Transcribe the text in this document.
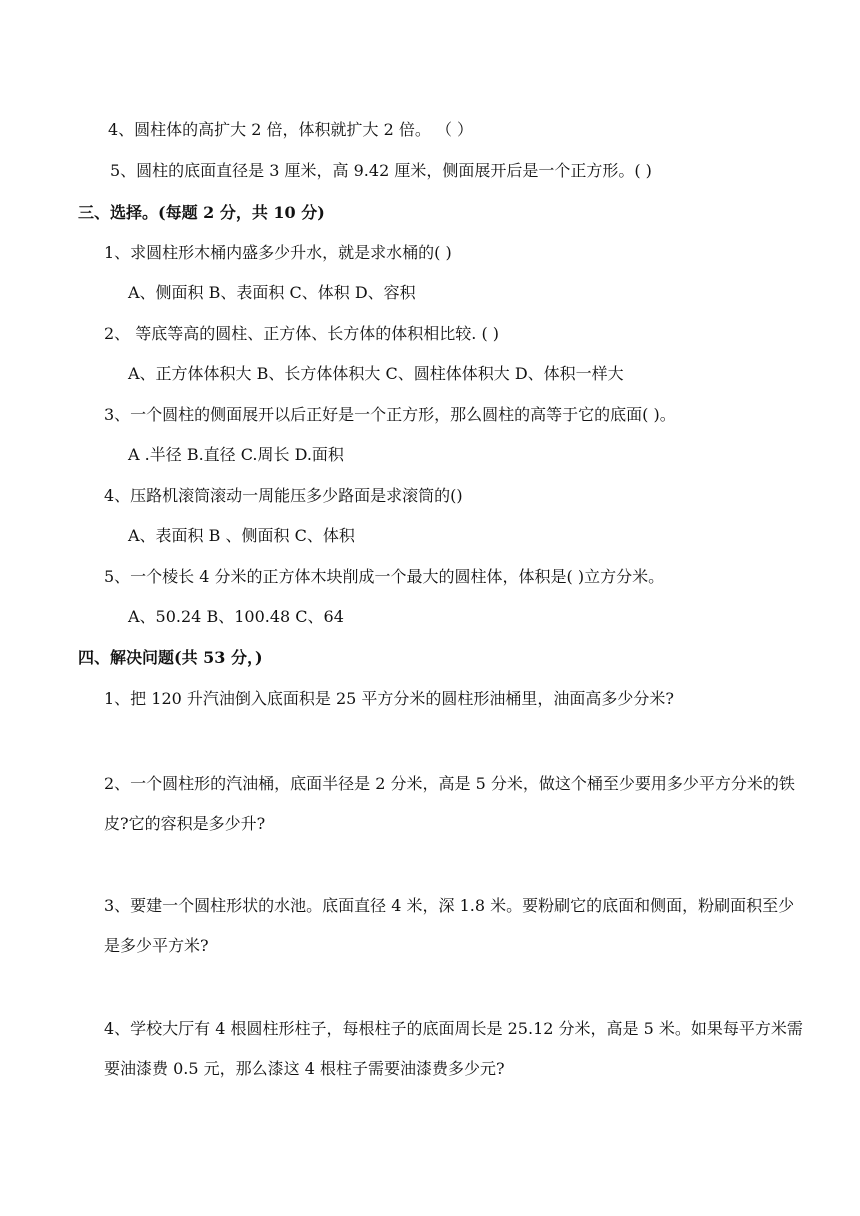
4、圆柱体的高扩大 2 倍，体积就扩大 2 倍。 （ ）
5、圆柱的底面直径是 3 厘米，高 9.42 厘米，侧面展开后是一个正方形。( )
三、选择。(每题 2 分，共 10 分)
1、求圆柱形木桶内盛多少升水，就是求水桶的( )
A、侧面积 B、表面积 C、体积 D、容积
2、 等底等高的圆柱、正方体、长方体的体积相比较. ( )
A、正方体体积大 B、长方体体积大 C、圆柱体体积大 D、体积一样大
3、一个圆柱的侧面展开以后正好是一个正方形，那么圆柱的高等于它的底面( )。
A .半径 B.直径 C.周长 D.面积
4、压路机滚筒滚动一周能压多少路面是求滚筒的()
A、表面积 B 、侧面积 C、体积
5、一个棱长 4 分米的正方体木块削成一个最大的圆柱体，体积是( )立方分米。
A、50.24 B、100.48 C、64
四、解决问题(共 53 分，)
1、把 120 升汽油倒入底面积是 25 平方分米的圆柱形油桶里，油面高多少分米?
2、一个圆柱形的汽油桶，底面半径是 2 分米，高是 5 分米，做这个桶至少要用多少平方分米的铁皮?它的容积是多少升?
3、要建一个圆柱形状的水池。底面直径 4 米，深 1.8 米。要粉刷它的底面和侧面，粉刷面积至少是多少平方米?
4、学校大厅有 4 根圆柱形柱子，每根柱子的底面周长是 25.12 分米，高是 5 米。如果每平方米需要油漆费 0.5 元，那么漆这 4 根柱子需要油漆费多少元?
